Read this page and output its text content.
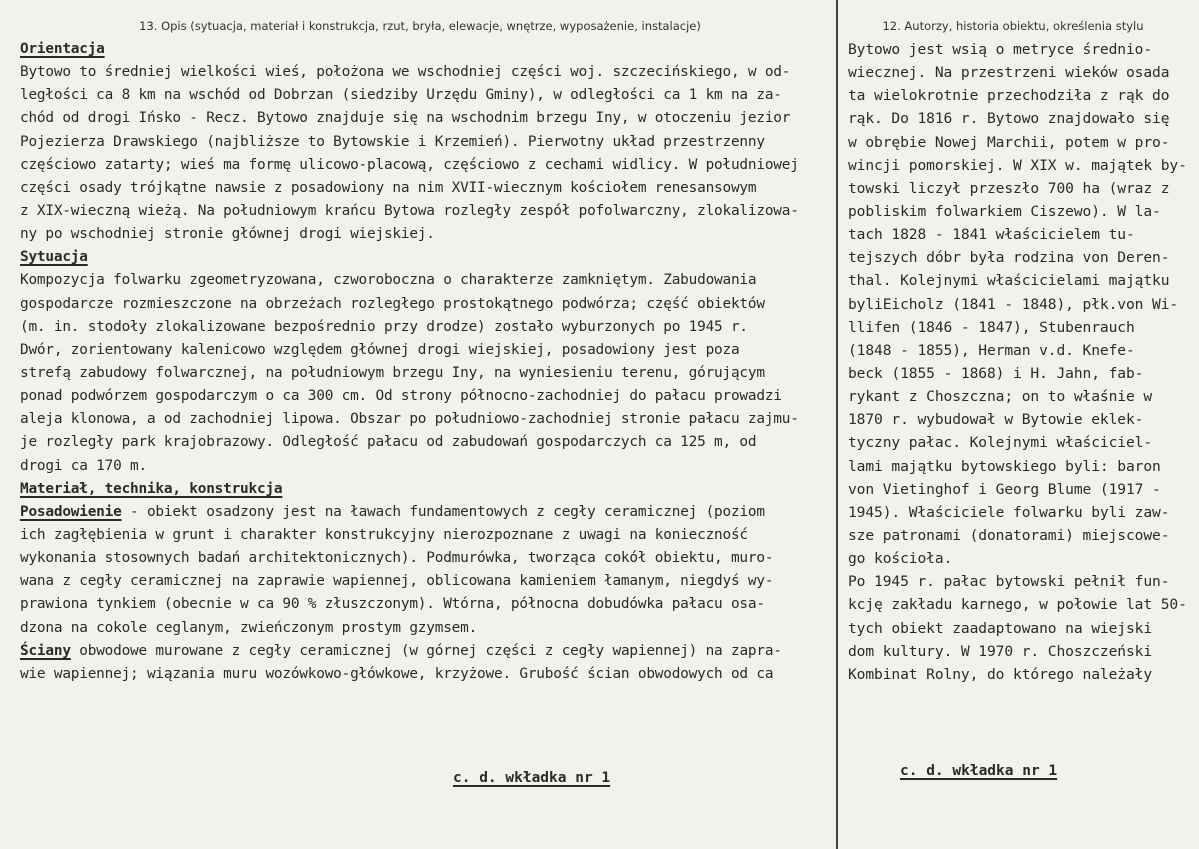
13. Opis (sytuacja, materiał i konstrukcja, rzut, bryła, elewacje, wnętrze, wyposażenie, instalacje)
Orientacja
Bytowo to średniej wielkości wieś, położona we wschodniej części woj. szczecińskiego, w od-
ległości ca 8 km na wschód od Dobrzan (siedziby Urzędu Gminy), w odległości ca 1 km na za-
chód od drogi Ińsko - Recz. Bytowo znajduje się na wschodnim brzegu Iny, w otoczeniu jezior
Pojezierza Drawskiego (najbliższe to Bytowskie i Krzemień). Pierwotny układ przestrzenny
częściowo zatarty; wieś ma formę ulicowo-placową, częściowo z cechami widlicy. W południowej
części osady trójkątne nawsie z posadowiony na nim XVII-wiecznym kościołem renesansowym
z XIX-wieczną wieżą. Na południowym krańcu Bytowa rozległy zespół pofolwarczny, zlokalizowa-
ny po wschodniej stronie głównej drogi wiejskiej.
Sytuacja
Kompozycja folwarku zgeometryzowana, czworoboczna o charakterze zamkniętym. Zabudowania
gospodarcze rozmieszczone na obrzeżach rozległego prostokątnego podwórza; część obiektów
(m. in. stodoły zlokalizowane bezpośrednio przy drodze) zostało wyburzonych po 1945 r.
Dwór, zorientowany kalenicowo względem głównej drogi wiejskiej, posadowiony jest poza
strefą zabudowy folwarcznej, na południowym brzegu Iny, na wyniesieniu terenu, górującym
ponad podwórzem gospodarczym o ca 300 cm. Od strony północno-zachodniej do pałacu prowadzi
aleja klonowa, a od zachodniej lipowa. Obszar po południowo-zachodniej stronie pałacu zajmu-
je rozległy park krajobrazowy. Odległość pałacu od zabudowań gospodarczych ca 125 m, od
drogi ca 170 m.
Materiał, technika, konstrukcja
Posadowienie - obiekt osadzony jest na ławach fundamentowych z cegły ceramicznej (poziom
ich zagłębienia w grunt i charakter konstrukcyjny nierozpoznane z uwagi na konieczność
wykonania stosownych badań architektonicznych). Podmurówka, tworząca cokół obiektu, muro-
wana z cegły ceramicznej na zaprawie wapiennej, oblicowana kamieniem łamanym, niegdyś wy-
prawiona tynkiem (obecnie w ca 90 % złuszczonym). Wtórna, północna dobudówka pałacu osa-
dzona na cokole ceglanym, zwieńczonym prostym gzymsem.
Ściany obwodowe murowane z cegły ceramicznej (w górnej części z cegły wapiennej) na zapra-
wie wapiennej; wiązania muru wozówkowo-główkowe, krzyżowe. Grubość ścian obwodowych od ca
c. d. wkładka nr 1
12. Autorzy, historia obiektu, określenia stylu
Bytowo jest wsią o metryce średnio-
wiecznej. Na przestrzeni wieków osada
ta wielokrotnie przechodziła z rąk do
rąk. Do 1816 r. Bytowo znajdowało się
w obrębie Nowej Marchii, potem w pro-
wincji pomorskiej. W XIX w. majątek by-
towski liczył przeszło 700 ha (wraz z
pobliskim folwarkiem Ciszewo). W la-
tach 1828 - 1841 właścicielem tu-
tejszych dóbr była rodzina von Deren-
thal. Kolejnymi właścicielami majątku
byliEicholz (1841 - 1848), płk.von Wi-
llifen (1846 - 1847), Stubenrauch
(1848 - 1855), Herman v.d. Knefe-
beck (1855 - 1868) i H. Jahn, fab-
rykant z Choszczna; on to właśnie w
1870 r. wybudował w Bytowie eklek-
tyczny pałac. Kolejnymi właściciel-
lami majątku bytowskiego byli: baron
von Vietinghof i Georg Blume (1917 -
1945). Właściciele folwarku byli zaw-
sze patronami (donatorami) miejscowe-
go kościoła.
Po 1945 r. pałac bytowski pełnił fun-
kcję zakładu karnego, w połowie lat 50-
tych obiekt zaadaptowano na wiejski
dom kultury. W 1970 r. Choszczeński
Kombinat Rolny, do którego należały
c. d. wkładka nr 1
